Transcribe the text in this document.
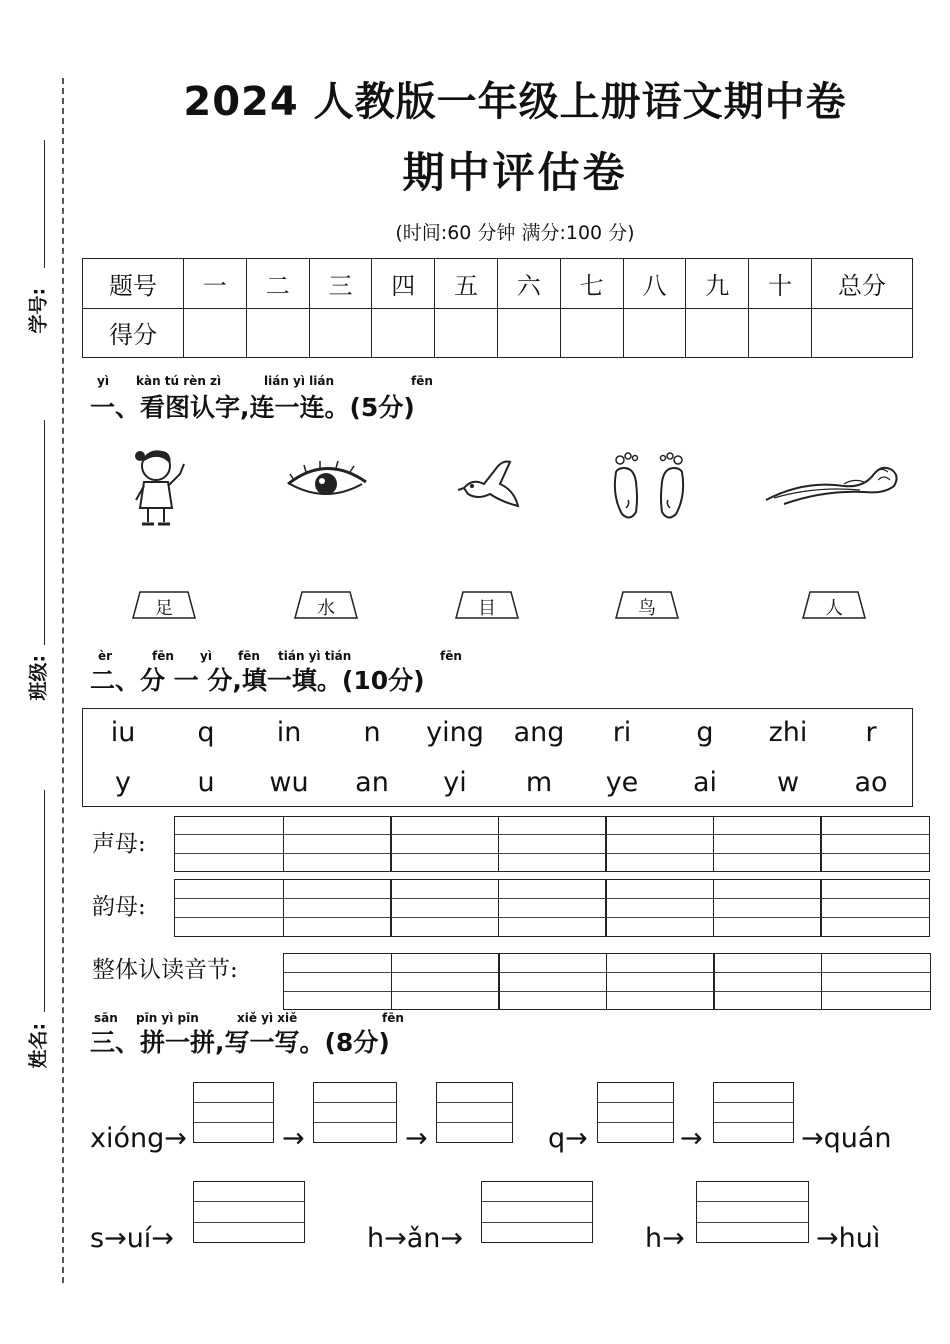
学号:
班级:
姓名:
2024 人教版一年级上册语文期中卷
期中评估卷
(时间:60 分钟 满分:100 分)
题号	一	二	三	四	五	六	七	八	九	十	总分
得分											
yì kàn tú rèn zì	lián yì lián	fēn
一、看图认字,连一连。(5分)
足	水	目	鸟	人
èr	fēn yì fēn tián yì tián	fēn
二、分 一 分,填一填。(10分)
iu	q	in	n	ying	ang	ri	g	zhi	r
y	u	wu	an	yi	m	ye	ai	w	ao
声母:
韵母:
整体认读音节:
sān pīn yì pīn	xiě yì xiě	fēn
三、拼一拼,写一写。(8分)
xióng→	→	→	q→	→	→quán
s→uí→	h→ǎn→	h→	→huì
